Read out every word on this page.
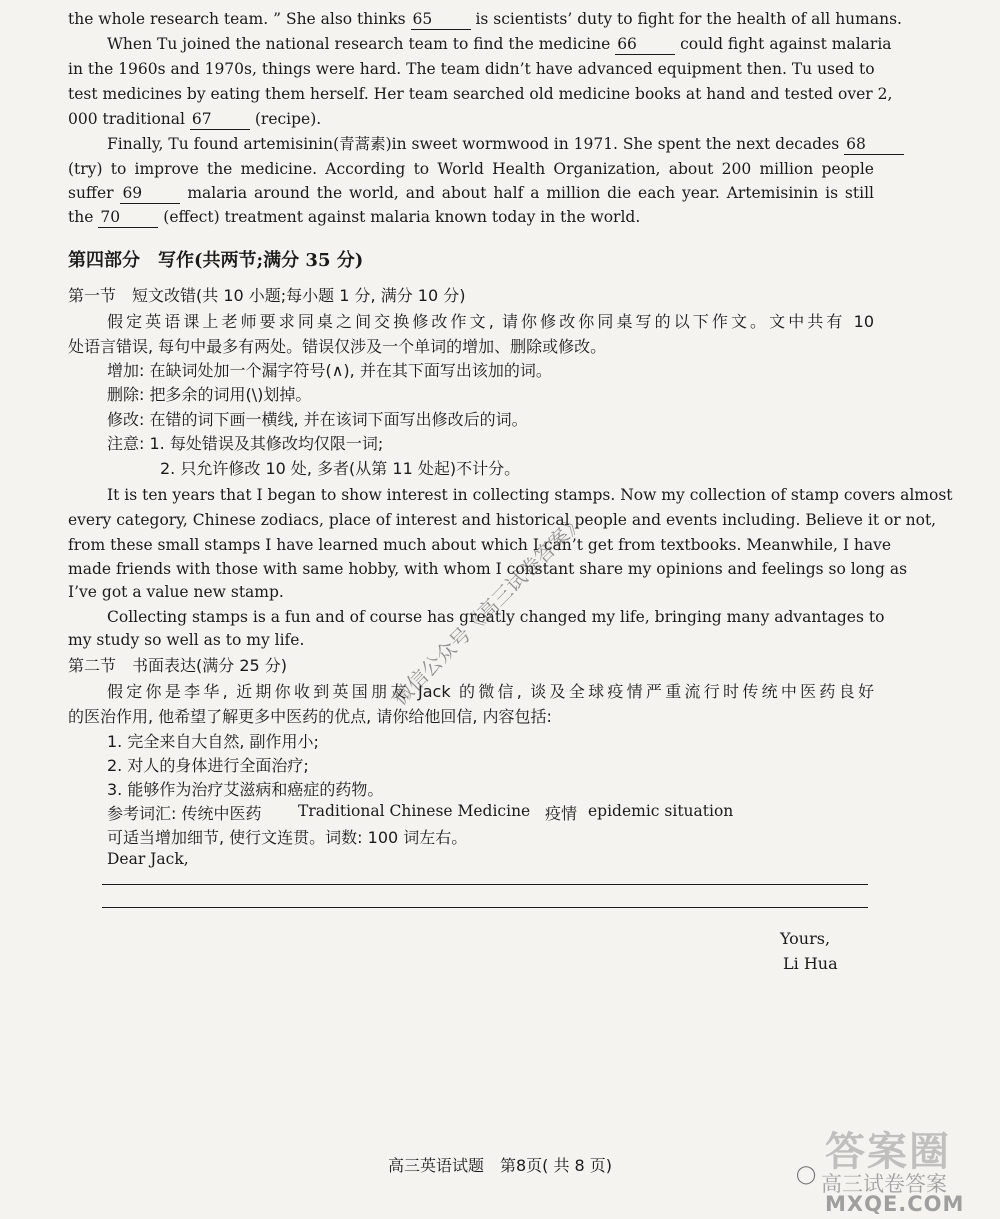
the whole research team. ” She also thinks 65	is scientists’ duty to fight for the health of all humans.
When Tu joined the national research team to find the medicine 66	could fight against malaria
in the 1960s and 1970s, things were hard. The team didn’t have advanced equipment then. Tu used to
test medicines by eating them herself. Her team searched old medicine books at hand and tested over 2,
000 traditional 67	(recipe).
Finally, Tu found artemisinin(青蒿素)in sweet wormwood in 1971. She spent the next decades 68
(try) to improve the medicine. According to World Health Organization, about 200 million people
suffer 69	malaria around the world, and about half a million die each year. Artemisinin is still
the 70	(effect) treatment against malaria known today in the world.
第四部分　写作(共两节;满分 35 分)
第一节　短文改错(共 10 小题;每小题 1 分, 满分 10 分)
假定英语课上老师要求同桌之间交换修改作文, 请你修改你同桌写的以下作文。文中共有 10
处语言错误, 每句中最多有两处。错误仅涉及一个单词的增加、删除或修改。
增加: 在缺词处加一个漏字符号(∧), 并在其下面写出该加的词。
删除: 把多余的词用(\)划掉。
修改: 在错的词下画一横线, 并在该词下面写出修改后的词。
注意: 1. 每处错误及其修改均仅限一词;
2. 只允许修改 10 处, 多者(从第 11 处起)不计分。
It is ten years that I began to show interest in collecting stamps. Now my collection of stamp covers almost
every category, Chinese zodiacs, place of interest and historical people and events including. Believe it or not,
from these small stamps I have learned much about which I can’t get from textbooks. Meanwhile, I have
made friends with those with same hobby, with whom I constant share my opinions and feelings so long as
I’ve got a value new stamp.
Collecting stamps is a fun and of course has greatly changed my life, bringing many advantages to
my study so well as to my life.
第二节　书面表达(满分 25 分)
假定你是李华, 近期你收到英国朋友 Jack 的微信, 谈及全球疫情严重流行时传统中医药良好
的医治作用, 他希望了解更多中医药的优点, 请你给他回信, 内容包括:
1. 完全来自大自然, 副作用小;
2. 对人的身体进行全面治疗;
3. 能够作为治疗艾滋病和癌症的药物。
参考词汇: 传统中医药 Traditional Chinese Medicine 疫情 epidemic situation
可适当增加细节, 使行文连贯。词数: 100 词左右。
Dear Jack,
Yours,
Li Hua
高三英语试题　第8页( 共 8 页)
微信公众号《高三试卷答案》
◯ 答案圈
高三试卷答案
MXQE.COM
